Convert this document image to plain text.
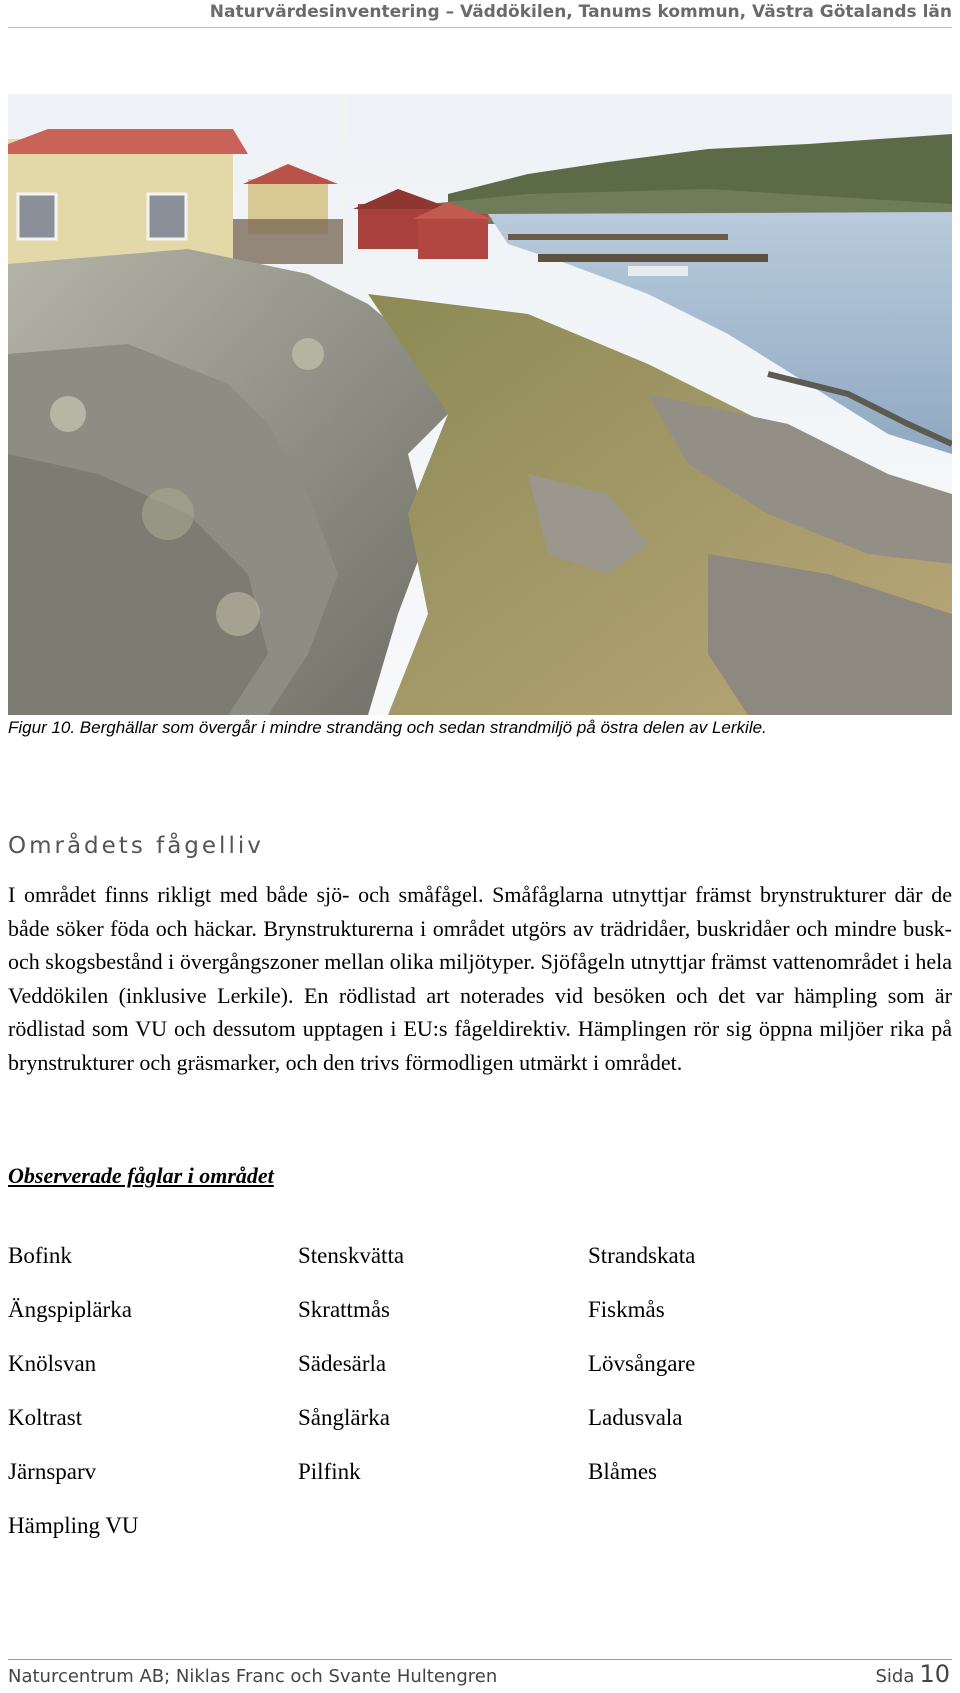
Naturvärdesinventering – Väddökilen, Tanums kommun, Västra Götalands län
Figur 10. Berghällar som övergår i mindre strandäng och sedan strandmiljö på östra delen av Lerkile.
Områdets fågelliv
I området finns rikligt med både sjö- och småfågel. Småfåglarna utnyttjar främst brynstrukturer där de både söker föda och häckar. Brynstrukturerna i området utgörs av trädridåer, buskridåer och mindre busk- och skogsbestånd i övergångszoner mellan olika miljötyper. Sjöfågeln utnyttjar främst vattenområdet i hela Veddökilen (inklusive Lerkile). En rödlistad art noterades vid besöken och det var hämpling som är rödlistad som VU och dessutom upptagen i EU:s fågeldirektiv. Hämplingen rör sig öppna miljöer rika på brynstrukturer och gräsmarker, och den trivs förmodligen utmärkt i området.
Observerade fåglar i området
Bofink	Stenskvätta	Strandskata
Ängspiplärka	Skrattmås	Fiskmås
Knölsvan	Sädesärla	Lövsångare
Koltrast	Sånglärka	Ladusvala
Järnsparv	Pilfink	Blåmes
Hämpling VU
Naturcentrum AB; Niklas Franc och Svante Hultengren	Sida 10
